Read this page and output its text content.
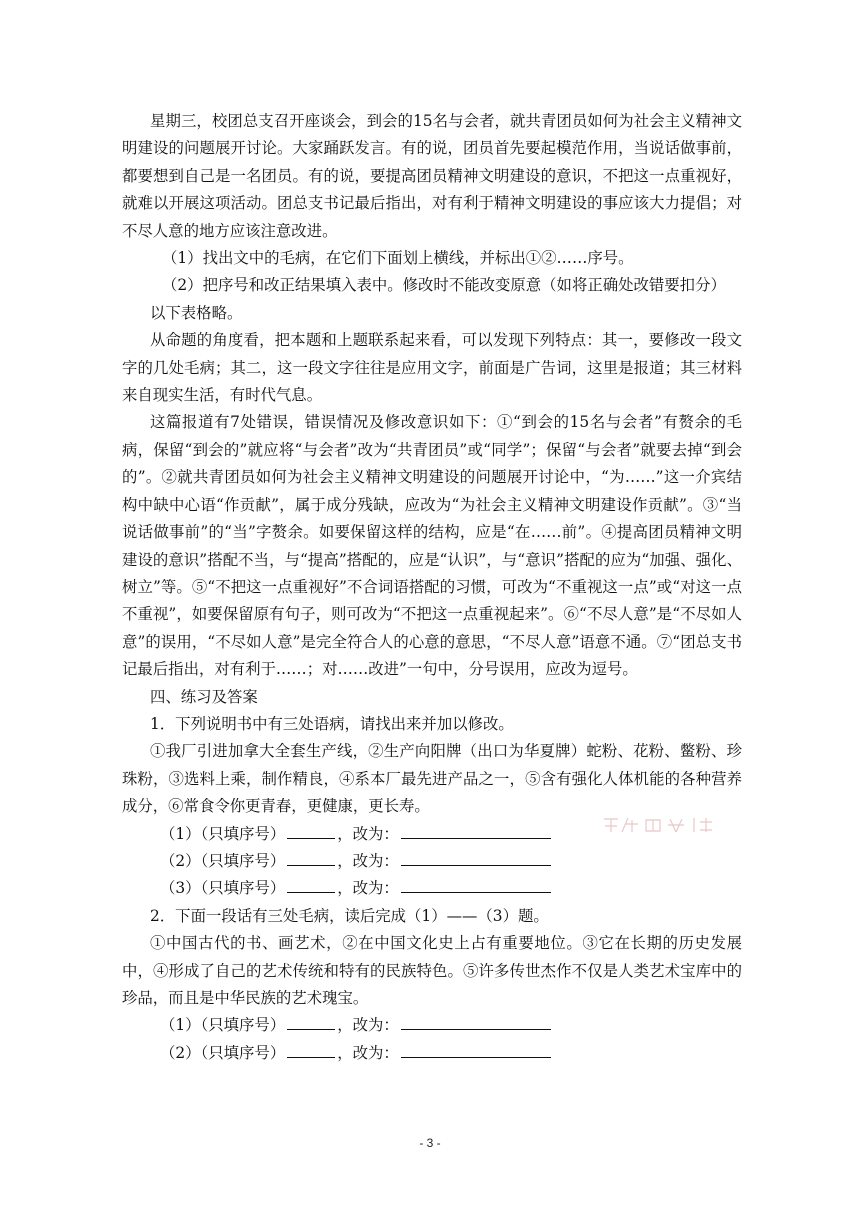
星期三，校团总支召开座谈会，到会的15名与会者，就共青团员如何为社会主义精神文明建设的问题展开讨论。大家踊跃发言。有的说，团员首先要起模范作用，当说话做事前，都要想到自己是一名团员。有的说，要提高团员精神文明建设的意识，不把这一点重视好，就难以开展这项活动。团总支书记最后指出，对有利于精神文明建设的事应该大力提倡；对不尽人意的地方应该注意改进。

（1）找出文中的毛病，在它们下面划上横线，并标出①②……序号。

（2）把序号和改正结果填入表中。修改时不能改变原意（如将正确处改错要扣分）

以下表格略。

从命题的角度看，把本题和上题联系起来看，可以发现下列特点：其一，要修改一段文字的几处毛病；其二，这一段文字往往是应用文字，前面是广告词，这里是报道；其三材料来自现实生活，有时代气息。

这篇报道有7处错误，错误情况及修改意识如下：①“到会的15名与会者”有赘余的毛病，保留“到会的”就应将“与会者”改为“共青团员”或“同学”；保留“与会者”就要去掉“到会的”。②就共青团员如何为社会主义精神文明建设的问题展开讨论中，“为……”这一介宾结构中缺中心语“作贡献”，属于成分残缺，应改为“为社会主义精神文明建设作贡献”。③“当说话做事前”的“当”字赘余。如要保留这样的结构，应是“在……前”。④提高团员精神文明建设的意识”搭配不当，与“提高”搭配的，应是“认识”，与“意识”搭配的应为“加强、强化、树立”等。⑤“不把这一点重视好”不合词语搭配的习惯，可改为“不重视这一点”或“对这一点不重视”，如要保留原有句子，则可改为“不把这一点重视起来”。⑥“不尽人意”是“不尽如人意”的误用，“不尽如人意”是完全符合人的心意的意思，“不尽人意”语意不通。⑦“团总支书记最后指出，对有利于……；对……改进”一句中，分号误用，应改为逗号。

四、练习及答案

1．下列说明书中有三处语病，请找出来并加以修改。

①我厂引进加拿大全套生产线，②生产向阳牌（出口为华夏牌）蛇粉、花粉、鳖粉、珍珠粉，③选料上乘，制作精良，④系本厂最先进产品之一，⑤含有强化人体机能的各种营养成分，⑥常食令你更青春，更健康，更长寿。

（1）（只填序号）	，改为：

（2）（只填序号）	，改为：

（3）（只填序号）	，改为：

2．下面一段话有三处毛病，读后完成（1）——（3）题。

①中国古代的书、画艺术，②在中国文化史上占有重要地位。③它在长期的历史发展中，④形成了自己的艺术传统和特有的民族特色。⑤许多传世杰作不仅是人类艺术宝库中的珍品，而且是中华民族的艺术瑰宝。

（1）（只填序号）	，改为：

（2）（只填序号）	，改为：

- 3 -
